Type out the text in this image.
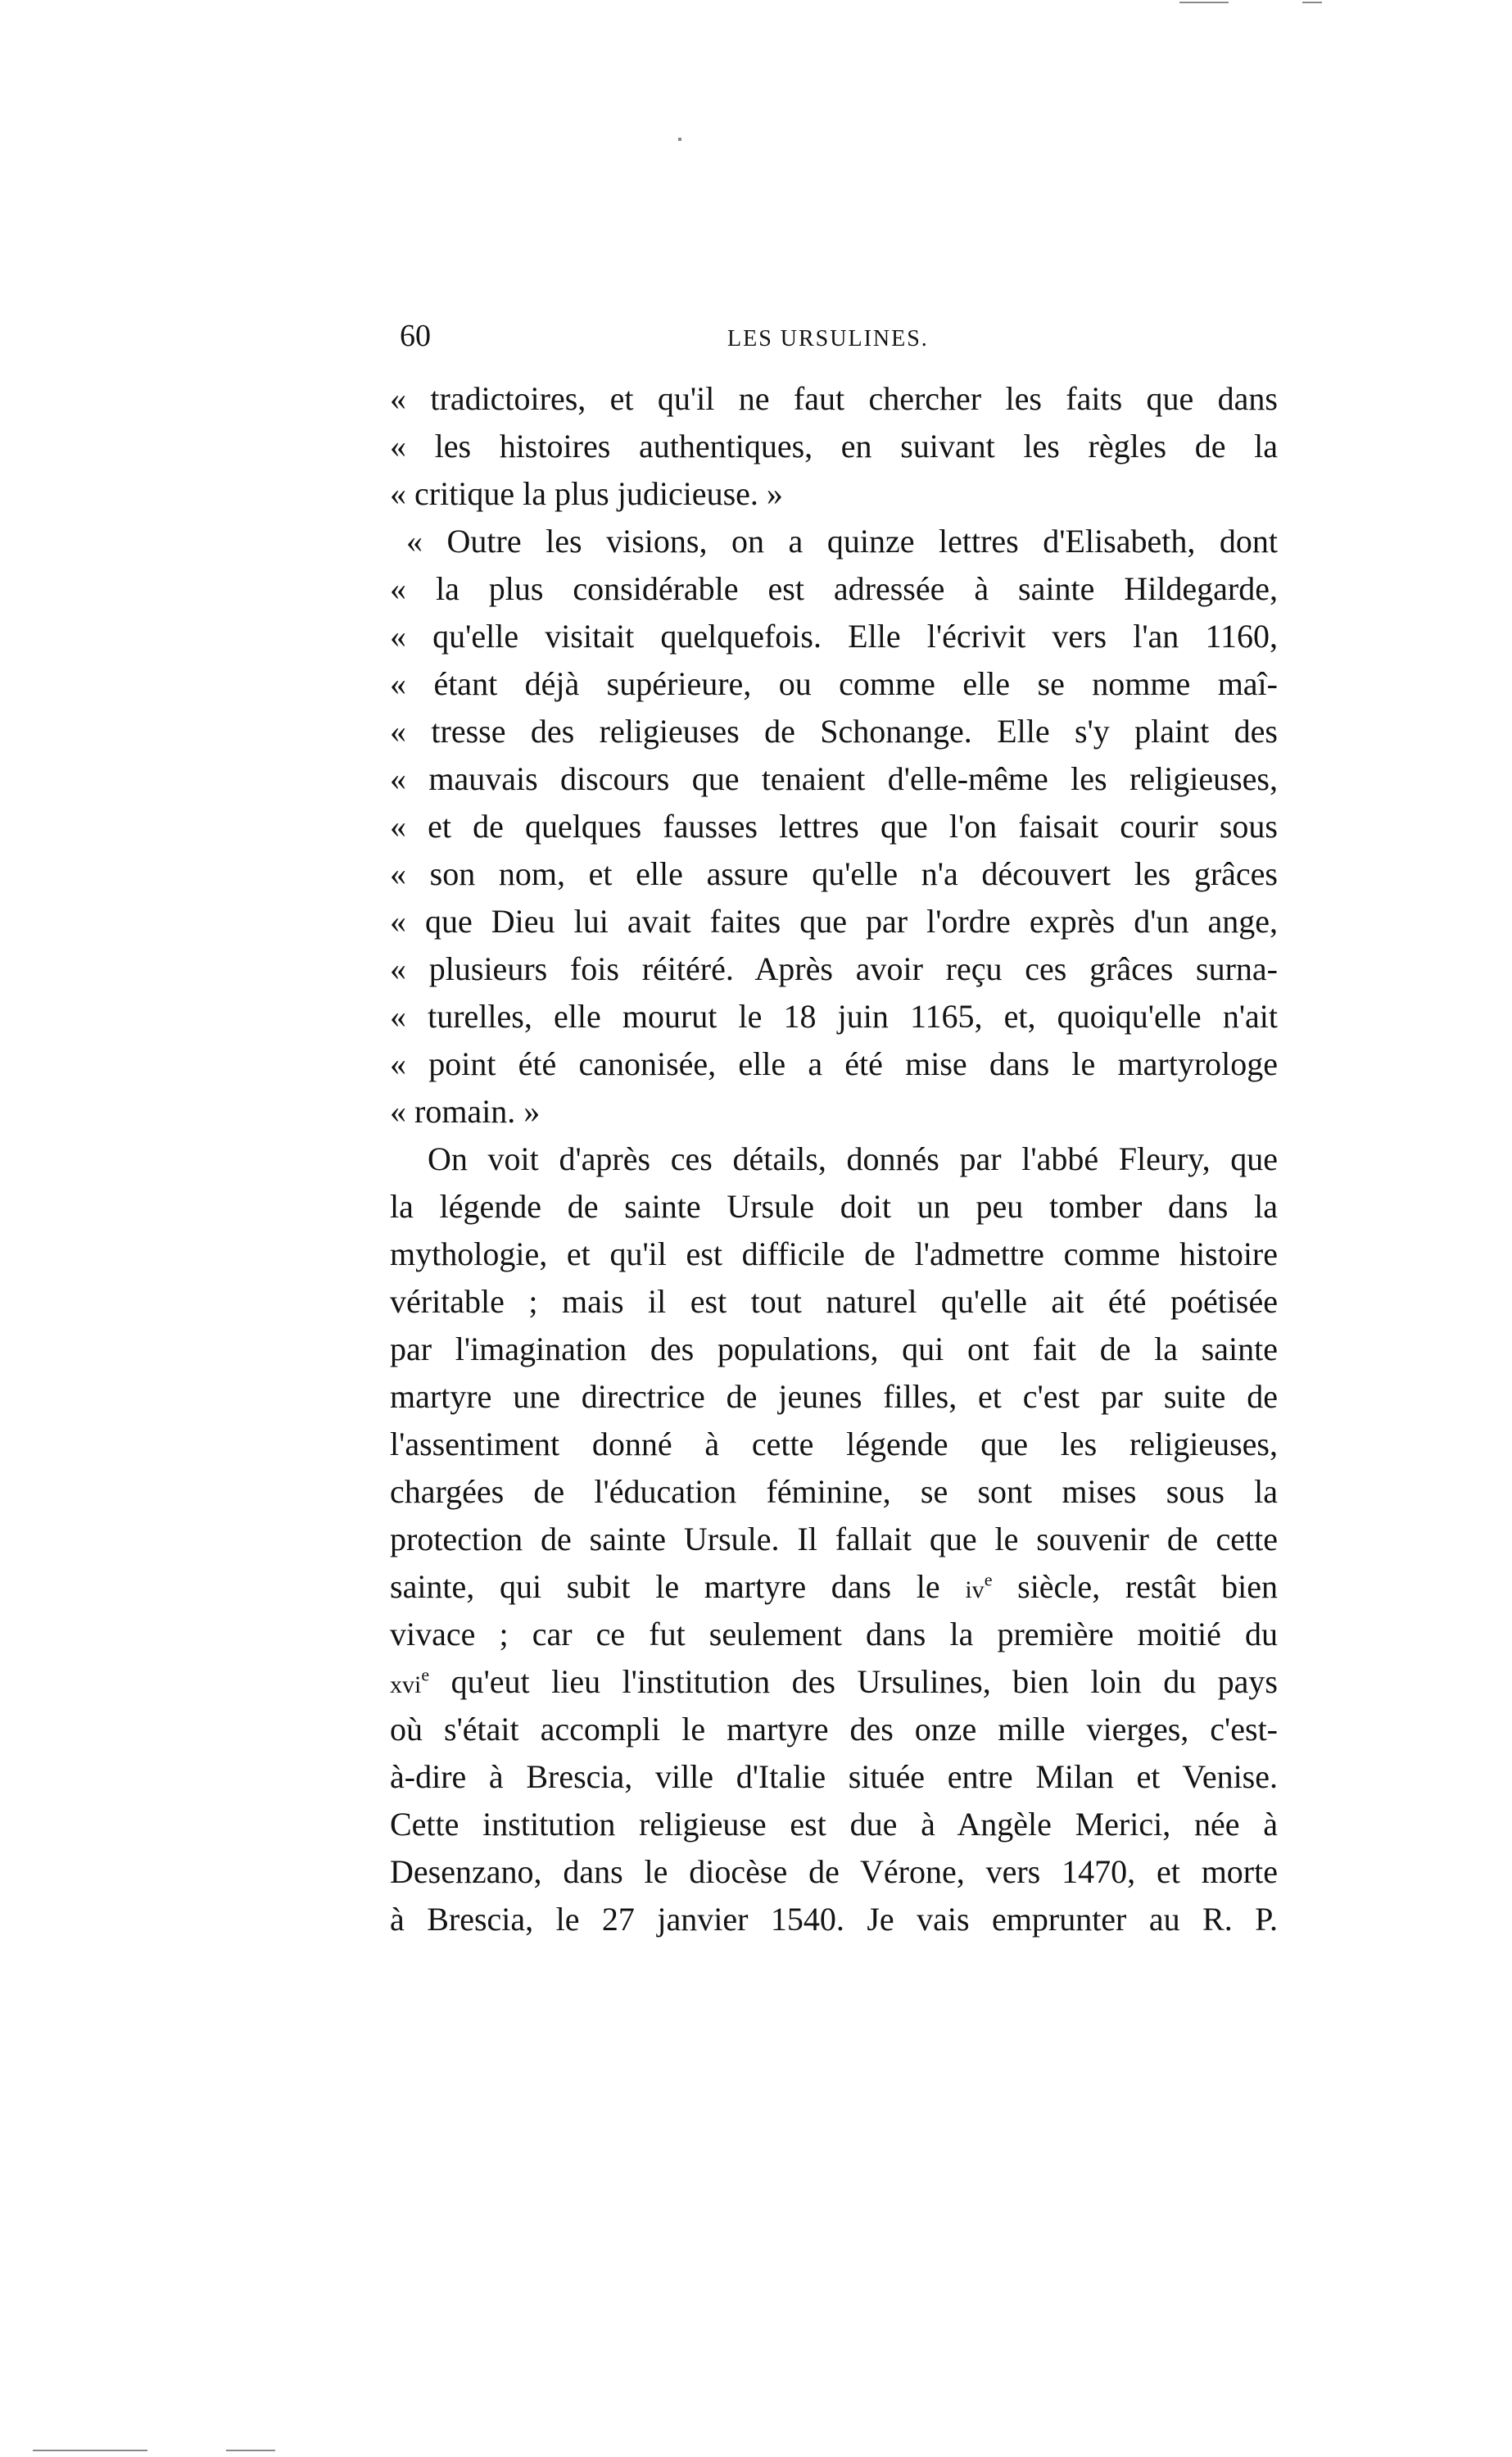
60	LES URSULINES.
« tradictoires, et qu'il ne faut chercher les faits que dans
« les histoires authentiques, en suivant les règles de la
« critique la plus judicieuse. »
« Outre les visions, on a quinze lettres d'Elisabeth, dont
« la plus considérable est adressée à sainte Hildegarde,
« qu'elle visitait quelquefois. Elle l'écrivit vers l'an 1160,
« étant déjà supérieure, ou comme elle se nomme maî-
« tresse des religieuses de Schonange. Elle s'y plaint des
« mauvais discours que tenaient d'elle-même les religieuses,
« et de quelques fausses lettres que l'on faisait courir sous
« son nom, et elle assure qu'elle n'a découvert les grâces
« que Dieu lui avait faites que par l'ordre exprès d'un ange,
« plusieurs fois réitéré. Après avoir reçu ces grâces surna-
« turelles, elle mourut le 18 juin 1165, et, quoiqu'elle n'ait
« point été canonisée, elle a été mise dans le martyrologe
« romain. »
On voit d'après ces détails, donnés par l'abbé Fleury, que
la légende de sainte Ursule doit un peu tomber dans la
mythologie, et qu'il est difficile de l'admettre comme histoire
véritable ; mais il est tout naturel qu'elle ait été poétisée
par l'imagination des populations, qui ont fait de la sainte
martyre une directrice de jeunes filles, et c'est par suite de
l'assentiment donné à cette légende que les religieuses,
chargées de l'éducation féminine, se sont mises sous la
protection de sainte Ursule. Il fallait que le souvenir de cette
sainte, qui subit le martyre dans le $iv^e$ siècle, restât bien
vivace ; car ce fut seulement dans la première moitié du
xvi$^e$ qu'eut lieu l'institution des Ursulines, bien loin du pays
où s'était accompli le martyre des onze mille vierges, c'est-
à-dire à Brescia, ville d'Italie située entre Milan et Venise.
Cette institution religieuse est due à Angèle Merici, née à
Desenzano, dans le diocèse de Vérone, vers 1470, et morte
à Brescia, le 27 janvier 1540. Je vais emprunter au R. P.
